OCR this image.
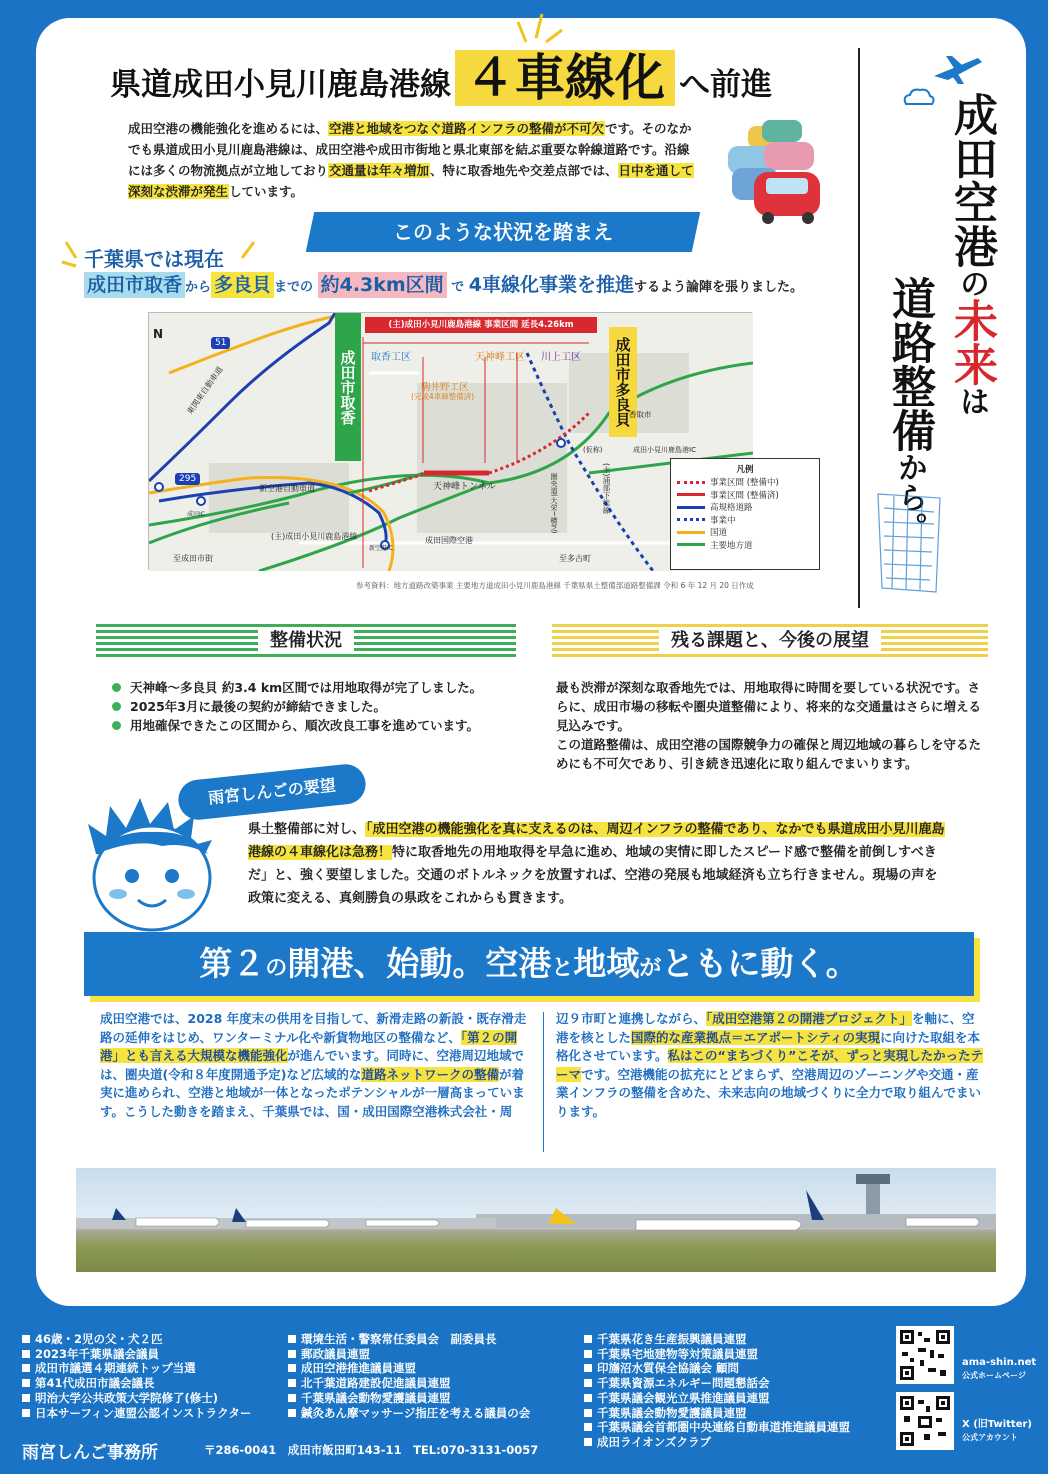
県道成田小見川鹿島港線 ４車線化 へ前進
成田空港の機能強化を進めるには、空港と地域をつなぐ道路インフラの整備が不可欠です。そのなかでも県道成田小見川鹿島港線は、成田空港や成田市街地と県北東部を結ぶ重要な幹線道路です。沿線には多くの物流拠点が立地しており交通量は年々増加、特に取香地先や交差点部では、日中を通して深刻な渋滞が発生しています。	成田空港の未来は
道路整備から。
このような状況を踏まえ
千葉県では現在
成田市取香 から 多良貝 までの 約4.3km区間 で 4車線化事業を推進するよう論陣を張りました。
N
成田市取香	成田市多良貝
(主)成田小見川鹿島港線 事業区間 延長4.26km
取香工区	天神峰工区 川上工区
駒井野工区
(完成4車線整備済)
天神峰トンネル
51
295
東関東自動車道
新空港自動車道
(主)成田小見川鹿島港線	成田国際空港
至成田市街	至多古町
成田小見川鹿島港IC
香取市
成田IC
新空港IC
圏央道(大栄~横芝)	(主)浦部下総線
(仮称)
凡例
事業区間 (整備中)
事業区間 (整備済)
高規格道路
事業中
国道
主要地方道
参考資料：地方道路改築事業 主要地方道成田小見川鹿島港線 千葉県県土整備部道路整備課 令和 6 年 12 月 20 日作成
整備状況	残る課題と、今後の展望
天神峰～多良貝 約3.4 km区間では用地取得が完了しました。
2025年3月に最後の契約が締結できました。
用地確保できたこの区間から、順次改良工事を進めています。
最も渋滞が深刻な取香地先では、用地取得に時間を要している状況です。さらに、成田市場の移転や圏央道整備により、将来的な交通量はさらに増える見込みです。
この道路整備は、成田空港の国際競争力の確保と周辺地域の暮らしを守るためにも不可欠であり、引き続き迅速化に取り組んでまいります。
雨宮しんごの要望
県土整備部に対し、「成田空港の機能強化を真に支えるのは、周辺インフラの整備であり、なかでも県道成田小見川鹿島港線の４車線化は急務！特に取香地先の用地取得を早急に進め、地域の実情に即したスピード感で整備を前倒しすべきだ」と、強く要望しました。交通のボトルネックを放置すれば、空港の発展も地域経済も立ち行きません。現場の声を政策に変える、真剣勝負の県政をこれからも貫きます。
第２の開港、始動。空港と地域がともに動く。
成田空港では、2028 年度末の供用を目指して、新滑走路の新設・既存滑走路の延伸をはじめ、ワンターミナル化や新貨物地区の整備など、「第２の開港」とも言える大規模な機能強化が進んでいます。同時に、空港周辺地域では、圏央道(令和８年度開通予定)など広域的な道路ネットワークの整備が着実に進められ、空港と地域が一体となったポテンシャルが一層高まっています。こうした動きを踏まえ、千葉県では、国・成田国際空港株式会社・周
辺９市町と連携しながら、「成田空港第２の開港プロジェクト」を軸に、空港を核とした国際的な産業拠点＝エアポートシティの実現に向けた取組を本格化させています。私はこの“まちづくり”こそが、ずっと実現したかったテーマです。空港機能の拡充にとどまらず、空港周辺のゾーニングや交通・産業インフラの整備を含めた、未来志向の地域づくりに全力で取り組んでまいります。
46歳・2児の父・犬２匹
2023年千葉県議会議員
成田市議選４期連続トップ当選
第41代成田市議会議長
明治大学公共政策大学院修了(修士)
日本サーフィン連盟公認インストラクター
環境生活・警察常任委員会　副委員長
郵政議員連盟
成田空港推進議員連盟
北千葉道路建設促進議員連盟
千葉県議会動物愛護議員連盟
鍼灸あん摩マッサージ指圧を考える議員の会
千葉県花き生産振興議員連盟
千葉県宅地建物等対策議員連盟
印旛沼水質保全協議会 顧問
千葉県資源エネルギー問題懇話会
千葉県議会観光立県推進議員連盟
千葉県議会動物愛護議員連盟
千葉県議会首都圏中央連絡自動車道推進議員連盟
成田ライオンズクラブ
ama-shin.net
公式ホームページ
X (旧Twitter)
公式アカウント
雨宮しんご事務所	〒286-0041　成田市飯田町143-11　TEL:070-3131-0057
